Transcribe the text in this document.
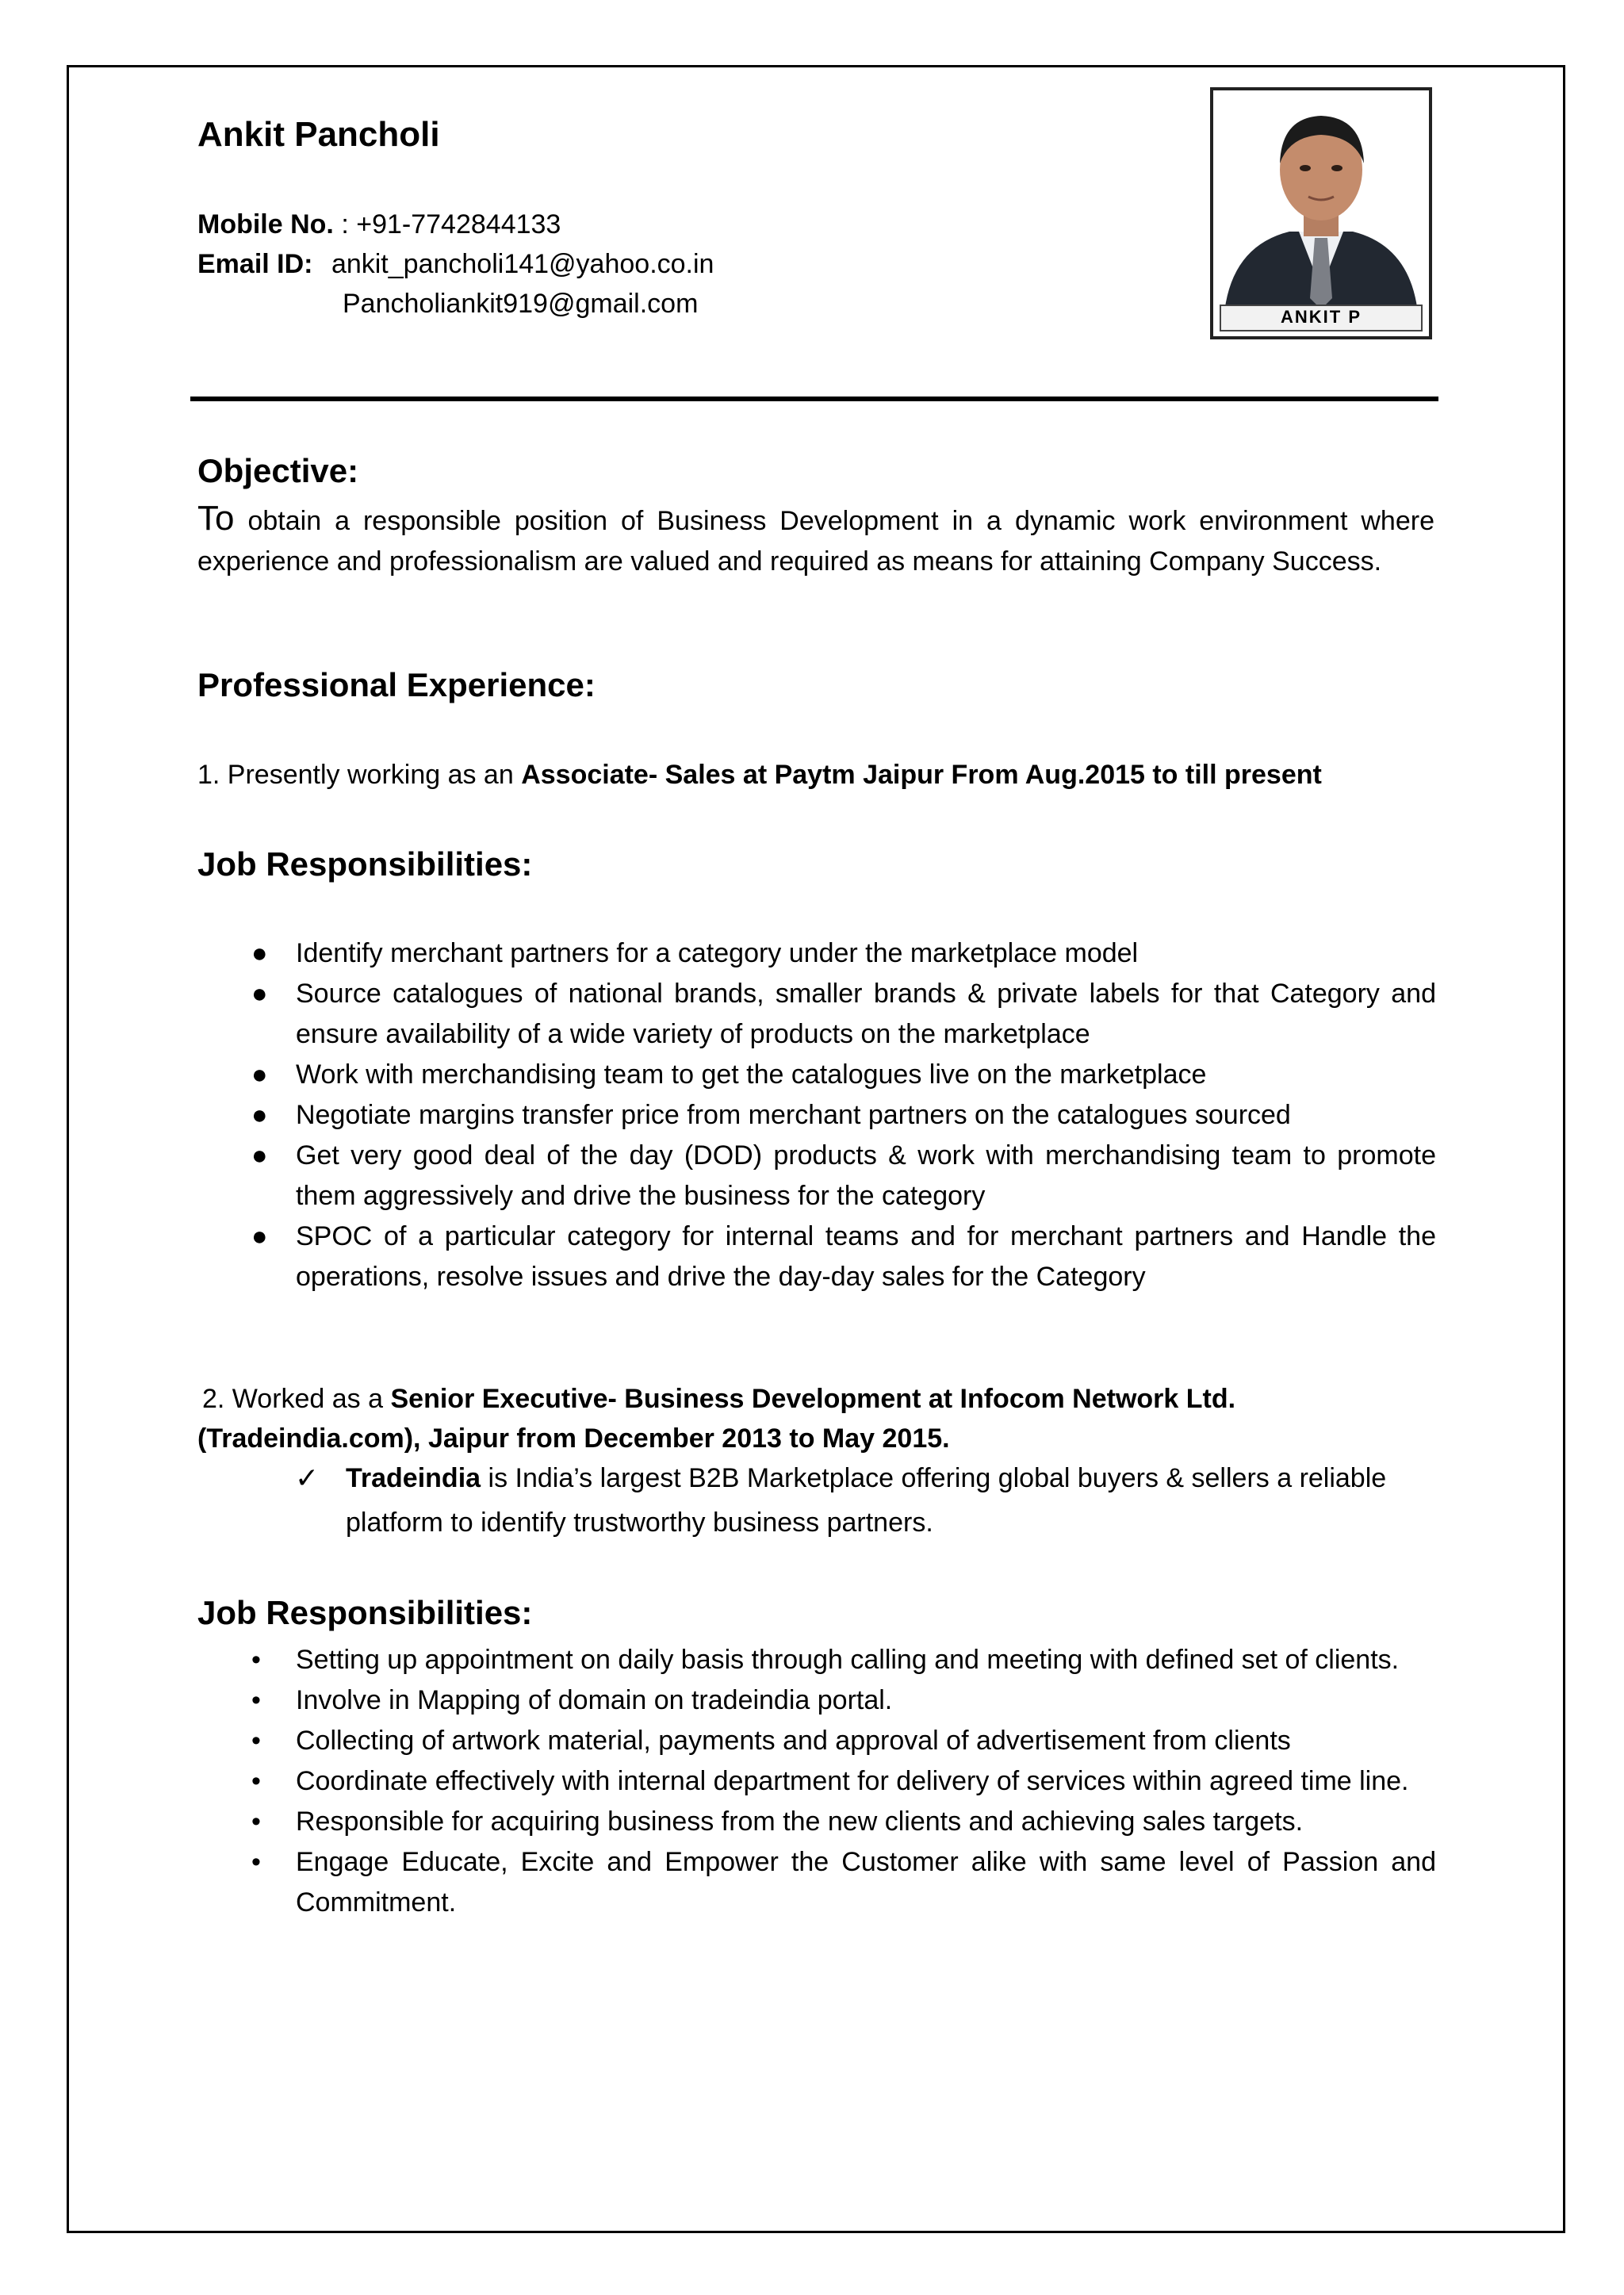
Ankit Pancholi
Mobile No. : +91-7742844133
Email ID: ankit_pancholi141@yahoo.co.in
Pancholiankit919@gmail.com	ANKIT P
Objective:
To obtain a responsible position of Business Development in a dynamic work environment where experience and professionalism are valued and required as means for attaining Company Success.
Professional Experience:
1. Presently working as an Associate- Sales at Paytm Jaipur From Aug.2015 to till present
Job Responsibilities:
● Identify merchant partners for a category under the marketplace model
● Source catalogues of national brands, smaller brands & private labels for that Category and ensure availability of a wide variety of products on the marketplace
● Work with merchandising team to get the catalogues live on the marketplace
● Negotiate margins transfer price from merchant partners on the catalogues sourced
● Get very good deal of the day (DOD) products & work with merchandising team to promote them aggressively and drive the business for the category
● SPOC of a particular category for internal teams and for merchant partners and Handle the operations, resolve issues and drive the day-day sales for the Category
2. Worked as a Senior Executive- Business Development at Infocom Network Ltd.
(Tradeindia.com), Jaipur from December 2013 to May 2015.
✓ Tradeindia is India’s largest B2B Marketplace offering global buyers & sellers a reliable platform to identify trustworthy business partners.
Job Responsibilities:
• Setting up appointment on daily basis through calling and meeting with defined set of clients.
• Involve in Mapping of domain on tradeindia portal.
• Collecting of artwork material, payments and approval of advertisement from clients
• Coordinate effectively with internal department for delivery of services within agreed time line.
• Responsible for acquiring business from the new clients and achieving sales targets.
• Engage Educate, Excite and Empower the Customer alike with same level of Passion and Commitment.
